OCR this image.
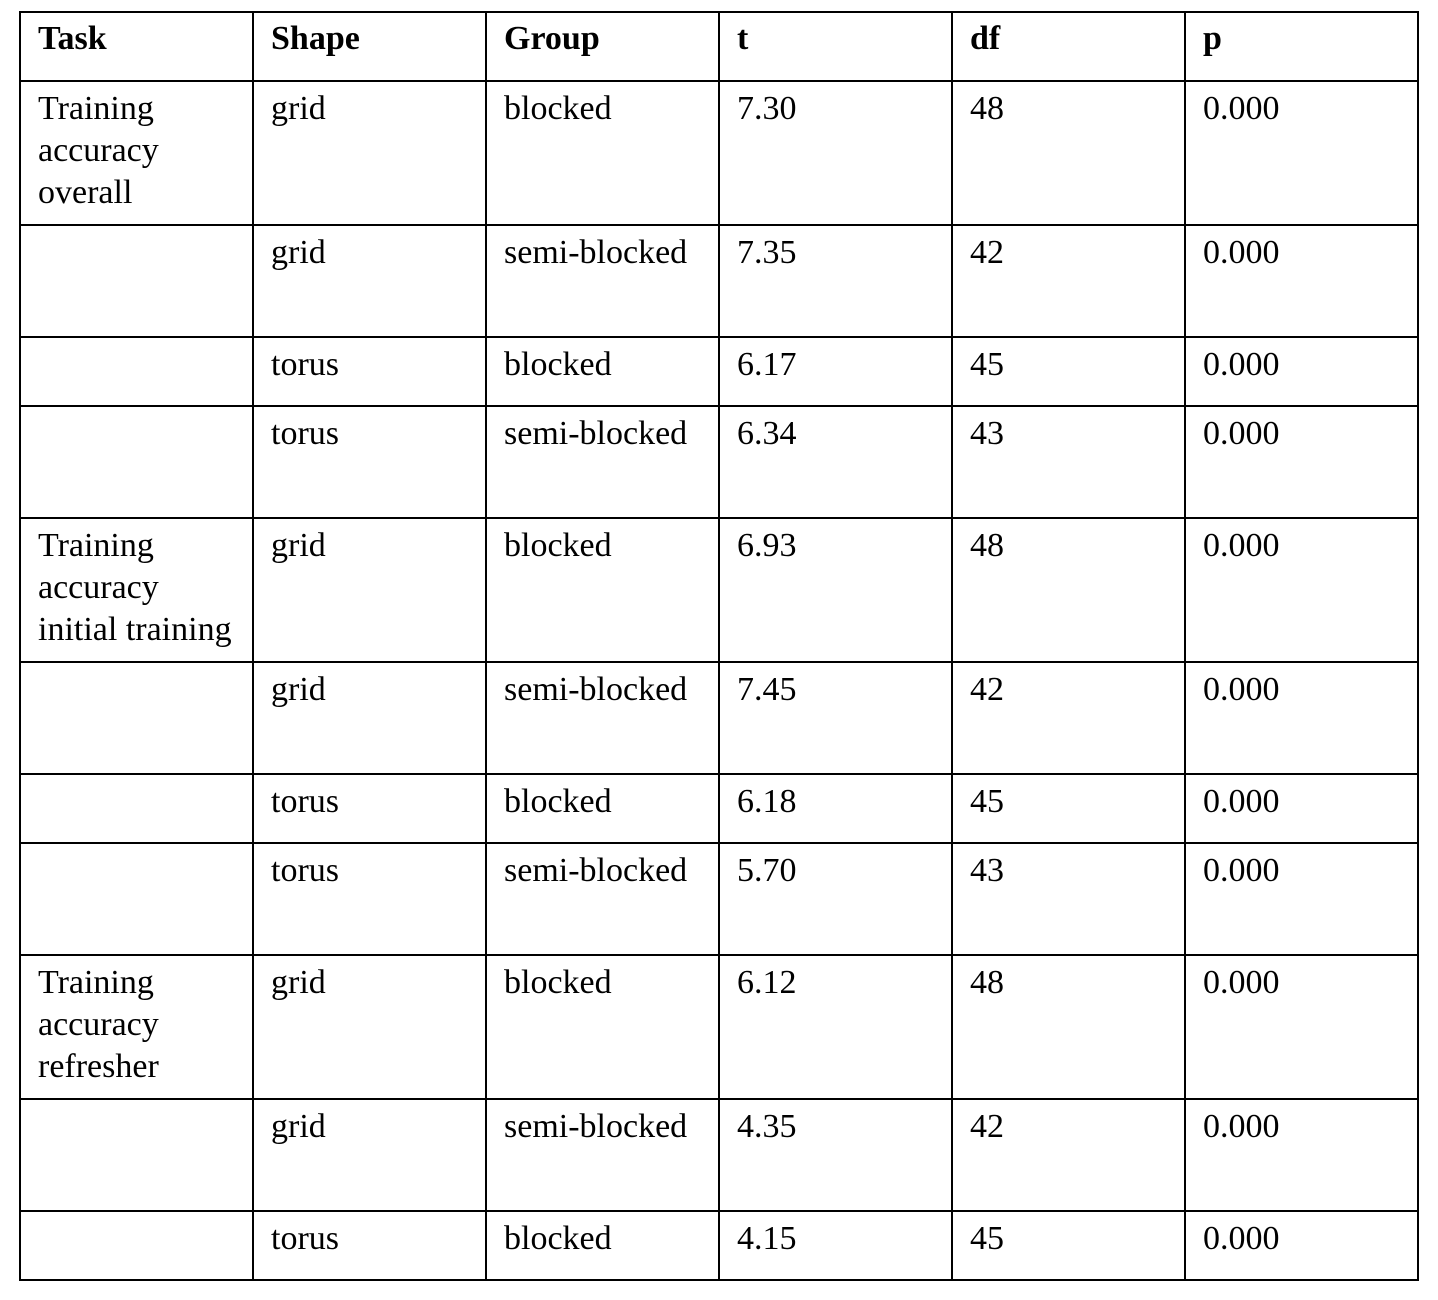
Task	Shape	Group	t	df	p
Training accuracy overall	grid	blocked	7.30	48	0.000
	grid	semi-blocked	7.35	42	0.000
	torus	blocked	6.17	45	0.000
	torus	semi-blocked	6.34	43	0.000
Training accuracy initial training	grid	blocked	6.93	48	0.000
	grid	semi-blocked	7.45	42	0.000
	torus	blocked	6.18	45	0.000
	torus	semi-blocked	5.70	43	0.000
Training accuracy refresher	grid	blocked	6.12	48	0.000
	grid	semi-blocked	4.35	42	0.000
	torus	blocked	4.15	45	0.000
